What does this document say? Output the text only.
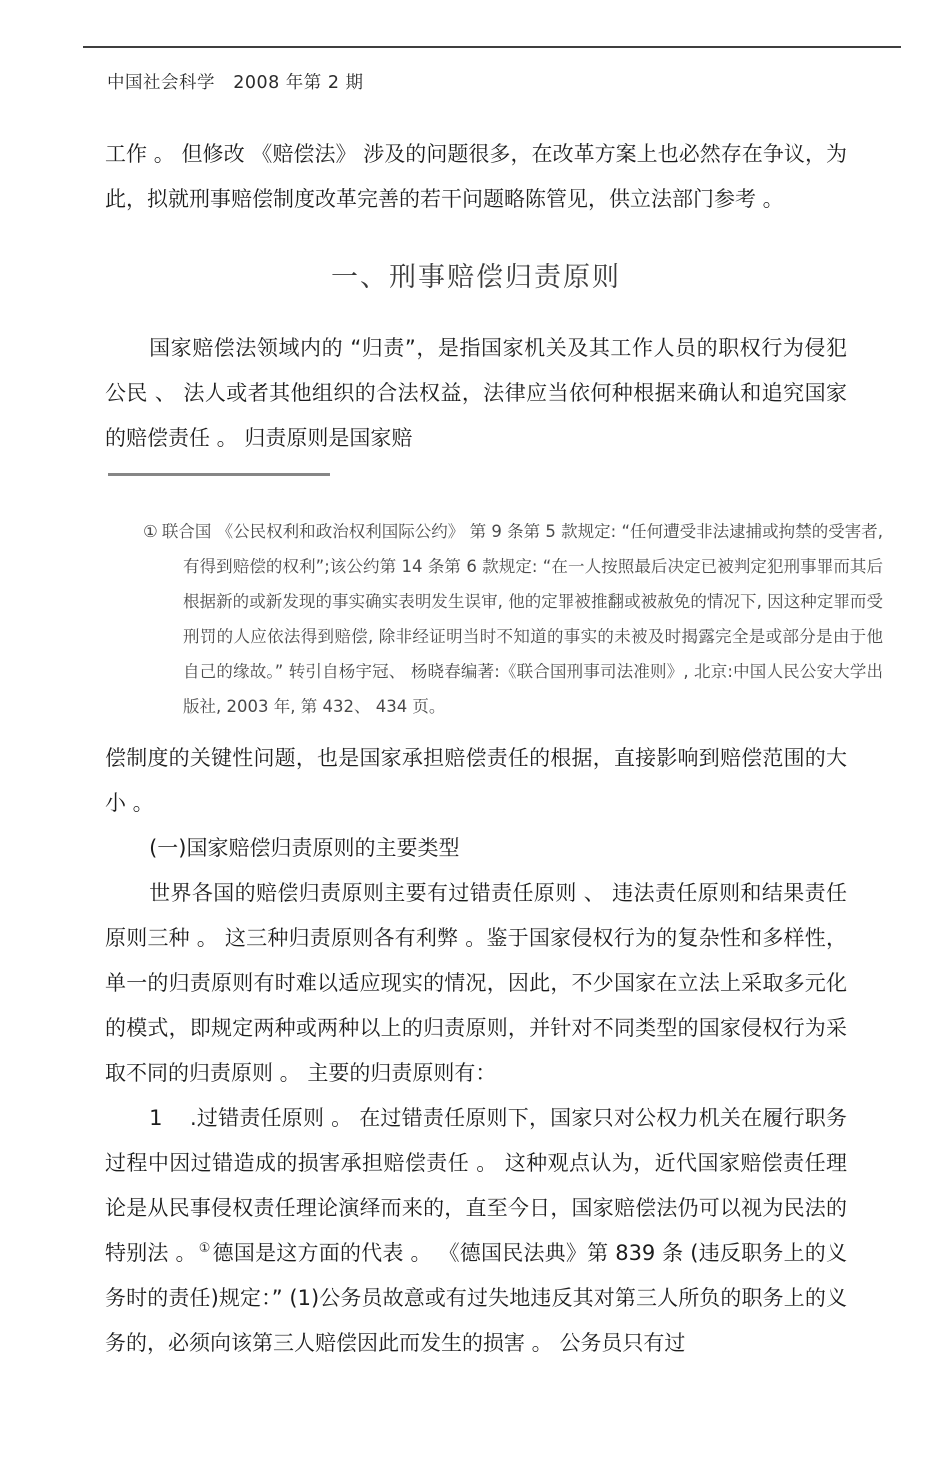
中国社会科学   2008 年第 2 期

工作 。 但修改 《赔偿法》 涉及的问题很多，在改革方案上也必然存在争议，为此，拟就刑事赔偿制度改革完善的若干问题略陈管见，供立法部门参考 。

一、刑事赔偿归责原则

国家赔偿法领域内的 “归责”，是指国家机关及其工作人员的职权行为侵犯公民 、 法人或者其他组织的合法权益，法律应当依何种根据来确认和追究国家的赔偿责任 。 归责原则是国家赔

① 联合国 《公民权利和政治权利国际公约》 第 9 条第 5 款规定: “任何遭受非法逮捕或拘禁的受害者, 有得到赔偿的权利”;该公约第 14 条第 6 款规定: “在一人按照最后决定已被判定犯刑事罪而其后根据新的或新发现的事实确实表明发生误审, 他的定罪被推翻或被赦免的情况下, 因这种定罪而受刑罚的人应依法得到赔偿, 除非经证明当时不知道的事实的未被及时揭露完全是或部分是由于他自己的缘故。” 转引自杨宇冠、 杨晓春编著:《联合国刑事司法准则》, 北京:中国人民公安大学出版社, 2003 年, 第 432、 434 页。

偿制度的关键性问题，也是国家承担赔偿责任的根据，直接影响到赔偿范围的大小 。

(一)国家赔偿归责原则的主要类型

世界各国的赔偿归责原则主要有过错责任原则 、 违法责任原则和结果责任原则三种 。 这三种归责原则各有利弊 。鉴于国家侵权行为的复杂性和多样性，单一的归责原则有时难以适应现实的情况，因此，不少国家在立法上采取多元化的模式，即规定两种或两种以上的归责原则，并针对不同类型的国家侵权行为采取不同的归责原则 。 主要的归责原则有：

1    .过错责任原则 。 在过错责任原则下，国家只对公权力机关在履行职务过程中因过错造成的损害承担赔偿责任 。 这种观点认为，近代国家赔偿责任理论是从民事侵权责任理论演绎而来的，直至今日，国家赔偿法仍可以视为民法的特别法 。 ①德国是这方面的代表 。 《德国民法典》第 839 条 (违反职务上的义务时的责任)规定：” (1)公务员故意或有过失地违反其对第三人所负的职务上的义务的，必须向该第三人赔偿因此而发生的损害 。 公务员只有过
